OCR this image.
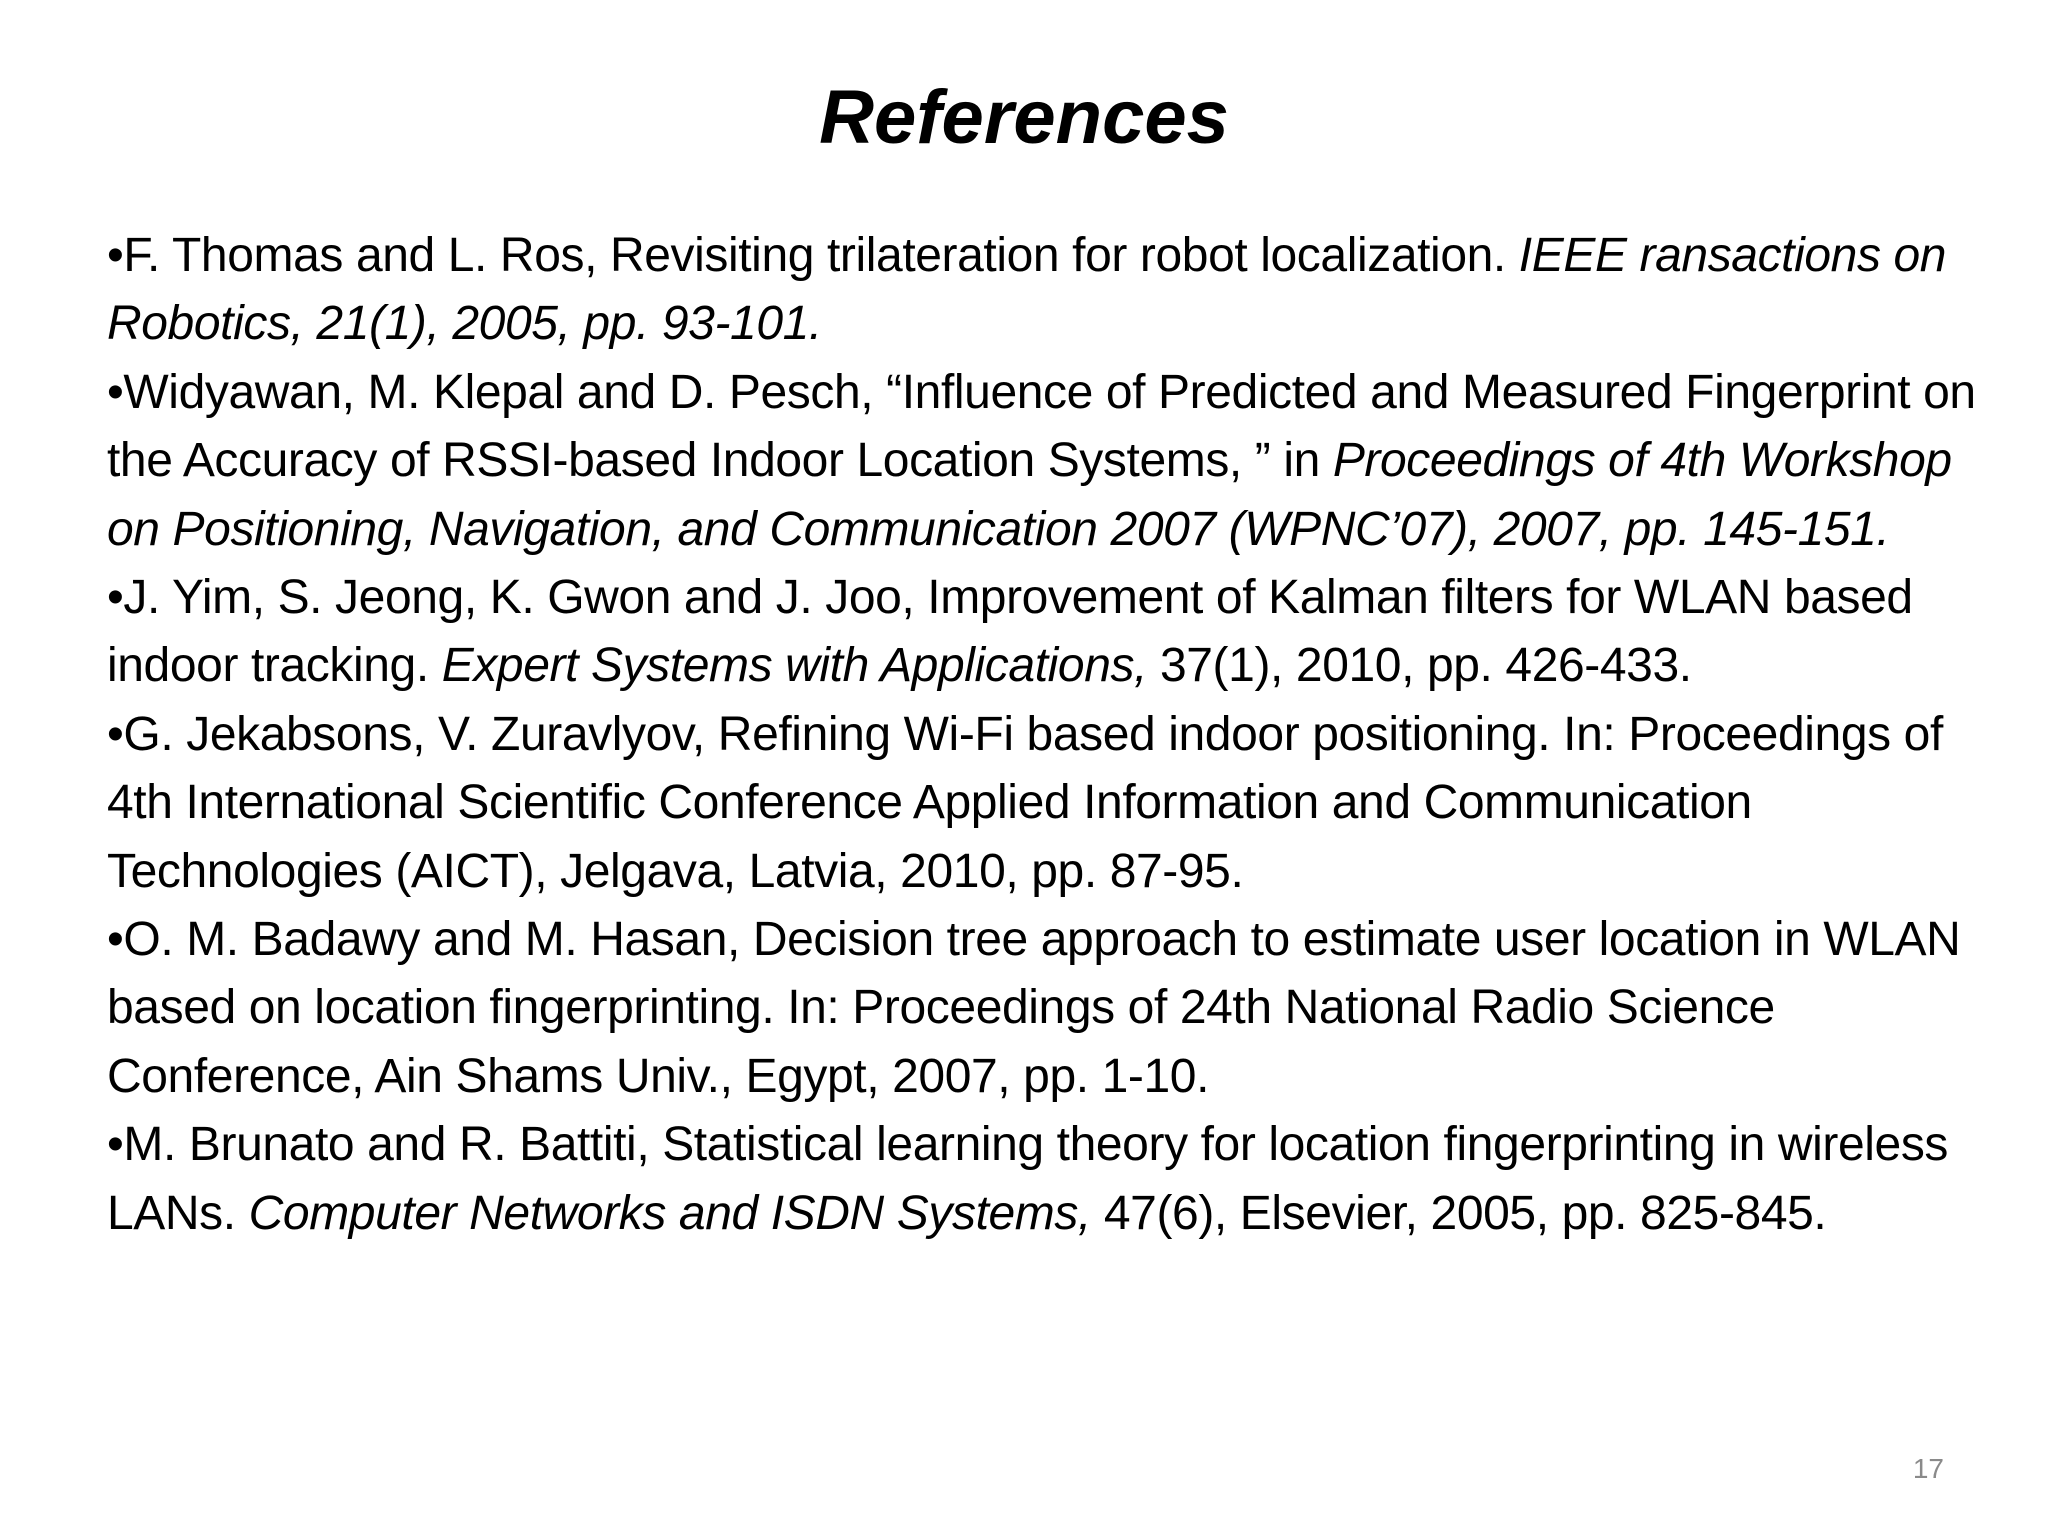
References
•F. Thomas and L. Ros, Revisiting trilateration for robot localization. IEEE ransactions on Robotics, 21(1), 2005, pp. 93-101.
•Widyawan, M. Klepal and D. Pesch, “Influence of Predicted and Measured Fingerprint on the Accuracy of RSSI-based Indoor Location Systems, ” in Proceedings of 4th Workshop on Positioning, Navigation, and Communication 2007 (WPNC’07), 2007, pp. 145-151.
•J. Yim, S. Jeong, K. Gwon and J. Joo, Improvement of Kalman filters for WLAN based indoor tracking. Expert Systems with Applications, 37(1), 2010, pp. 426-433.
•G. Jekabsons, V. Zuravlyov, Refining Wi-Fi based indoor positioning. In: Proceedings of 4th International Scientific Conference Applied Information and Communication Technologies (AICT), Jelgava, Latvia, 2010, pp. 87-95.
•O. M. Badawy and M. Hasan, Decision tree approach to estimate user location in WLAN based on location fingerprinting. In: Proceedings of 24th National Radio Science Conference, Ain Shams Univ., Egypt, 2007, pp. 1-10.
•M. Brunato and R. Battiti, Statistical learning theory for location fingerprinting in wireless LANs. Computer Networks and ISDN Systems, 47(6), Elsevier, 2005, pp. 825-845.
17
